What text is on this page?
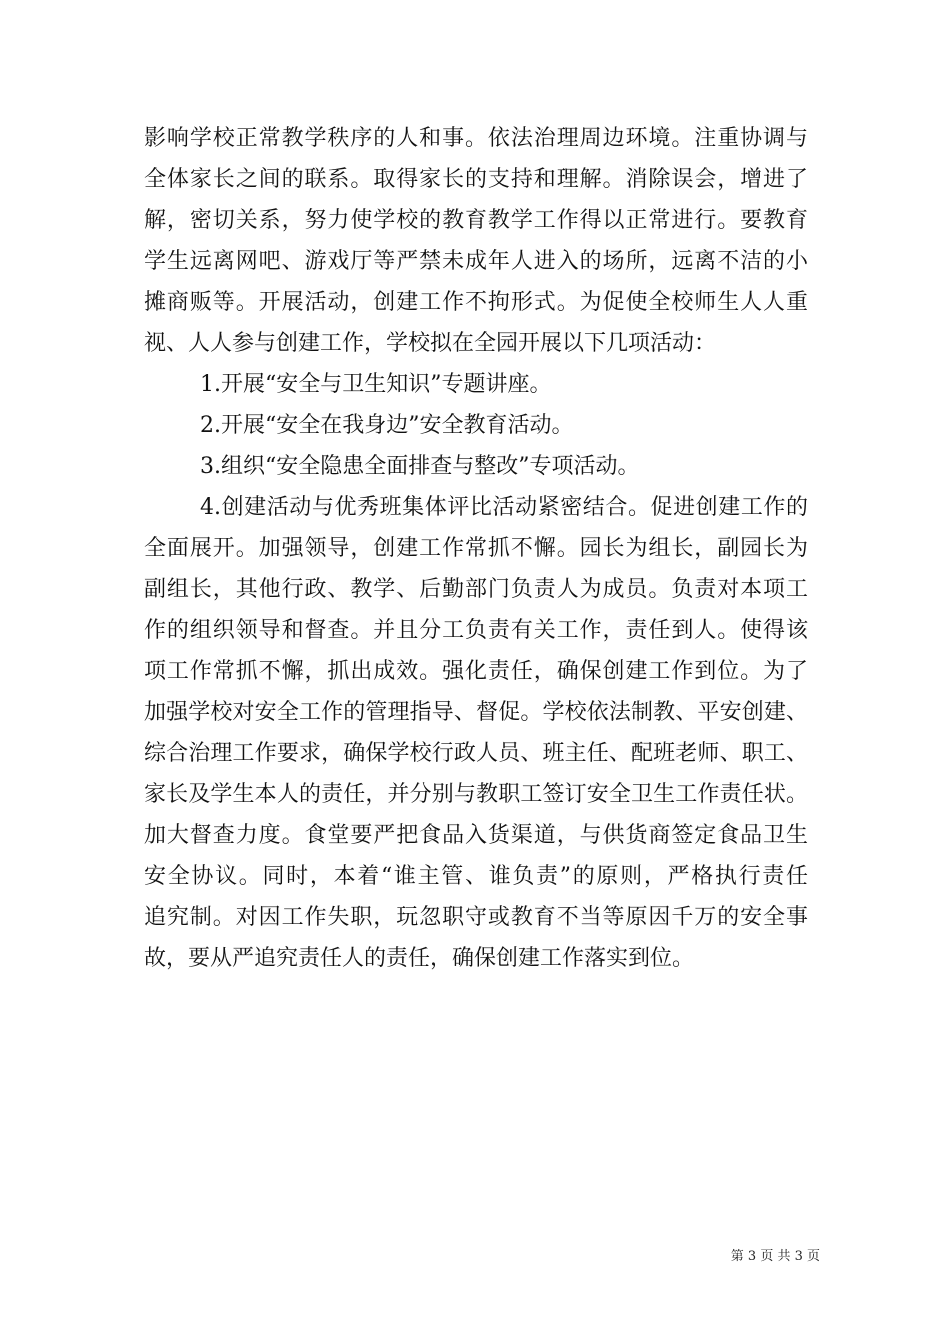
影响学校正常教学秩序的人和事。依法治理周边环境。注重协调与
全体家长之间的联系。取得家长的支持和理解。消除误会，增进了
解，密切关系，努力使学校的教育教学工作得以正常进行。要教育
学生远离网吧、游戏厅等严禁未成年人进入的场所，远离不洁的小
摊商贩等。开展活动，创建工作不拘形式。为促使全校师生人人重
视、人人参与创建工作，学校拟在全园开展以下几项活动：
1.开展“安全与卫生知识”专题讲座。
2.开展“安全在我身边”安全教育活动。
3.组织“安全隐患全面排查与整改”专项活动。
4.创建活动与优秀班集体评比活动紧密结合。促进创建工作的
全面展开。加强领导，创建工作常抓不懈。园长为组长，副园长为
副组长，其他行政、教学、后勤部门负责人为成员。负责对本项工
作的组织领导和督查。并且分工负责有关工作，责任到人。使得该
项工作常抓不懈，抓出成效。强化责任，确保创建工作到位。为了
加强学校对安全工作的管理指导、督促。学校依法制教、平安创建、
综合治理工作要求，确保学校行政人员、班主任、配班老师、职工、
家长及学生本人的责任，并分别与教职工签订安全卫生工作责任状。
加大督查力度。食堂要严把食品入货渠道，与供货商签定食品卫生
安全协议。同时，本着“谁主管、谁负责”的原则，严格执行责任
追究制。对因工作失职，玩忽职守或教育不当等原因千万的安全事
故，要从严追究责任人的责任，确保创建工作落实到位。
第 3 页 共 3 页
